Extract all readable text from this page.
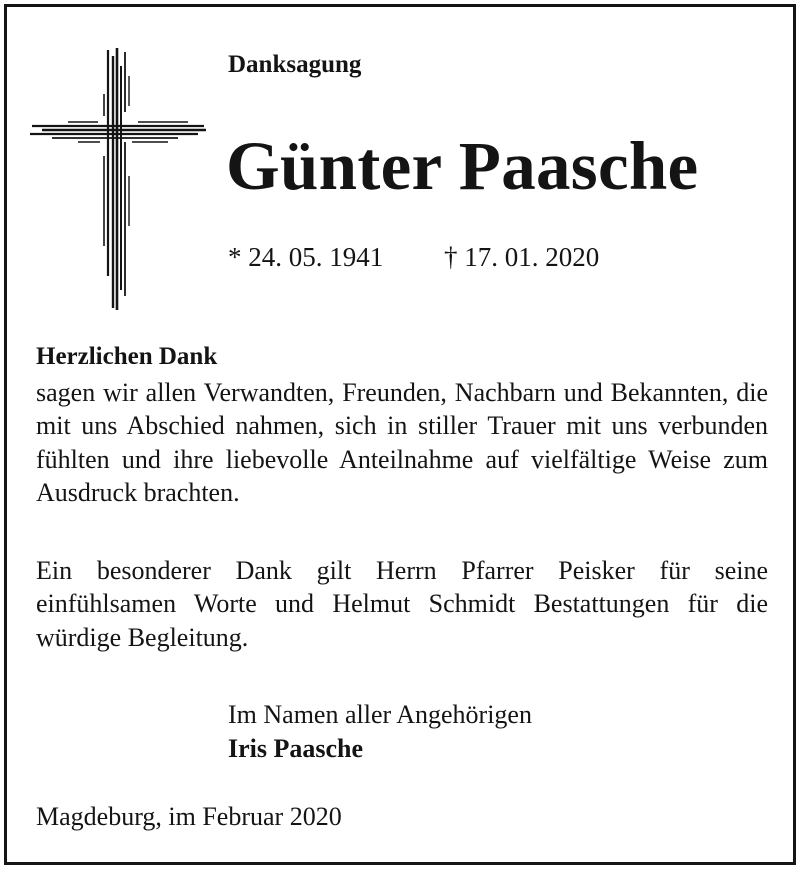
Danksagung
Günter Paasche
* 24. 05. 1941 † 17. 01. 2020
Herzlichen Dank

sagen wir allen Verwandten, Freunden, Nachbarn und Bekannten, die mit uns Abschied nahmen, sich in stiller Trauer mit uns verbunden fühlten und ihre liebevolle Anteilnahme auf vielfältige Weise zum Ausdruck brachten.

Ein besonderer Dank gilt Herrn Pfarrer Peisker für seine einfühlsamen Worte und Helmut Schmidt Bestattungen für die würdige Begleitung.

Im Namen aller Angehörigen
Iris Paasche
Magdeburg, im Februar 2020
